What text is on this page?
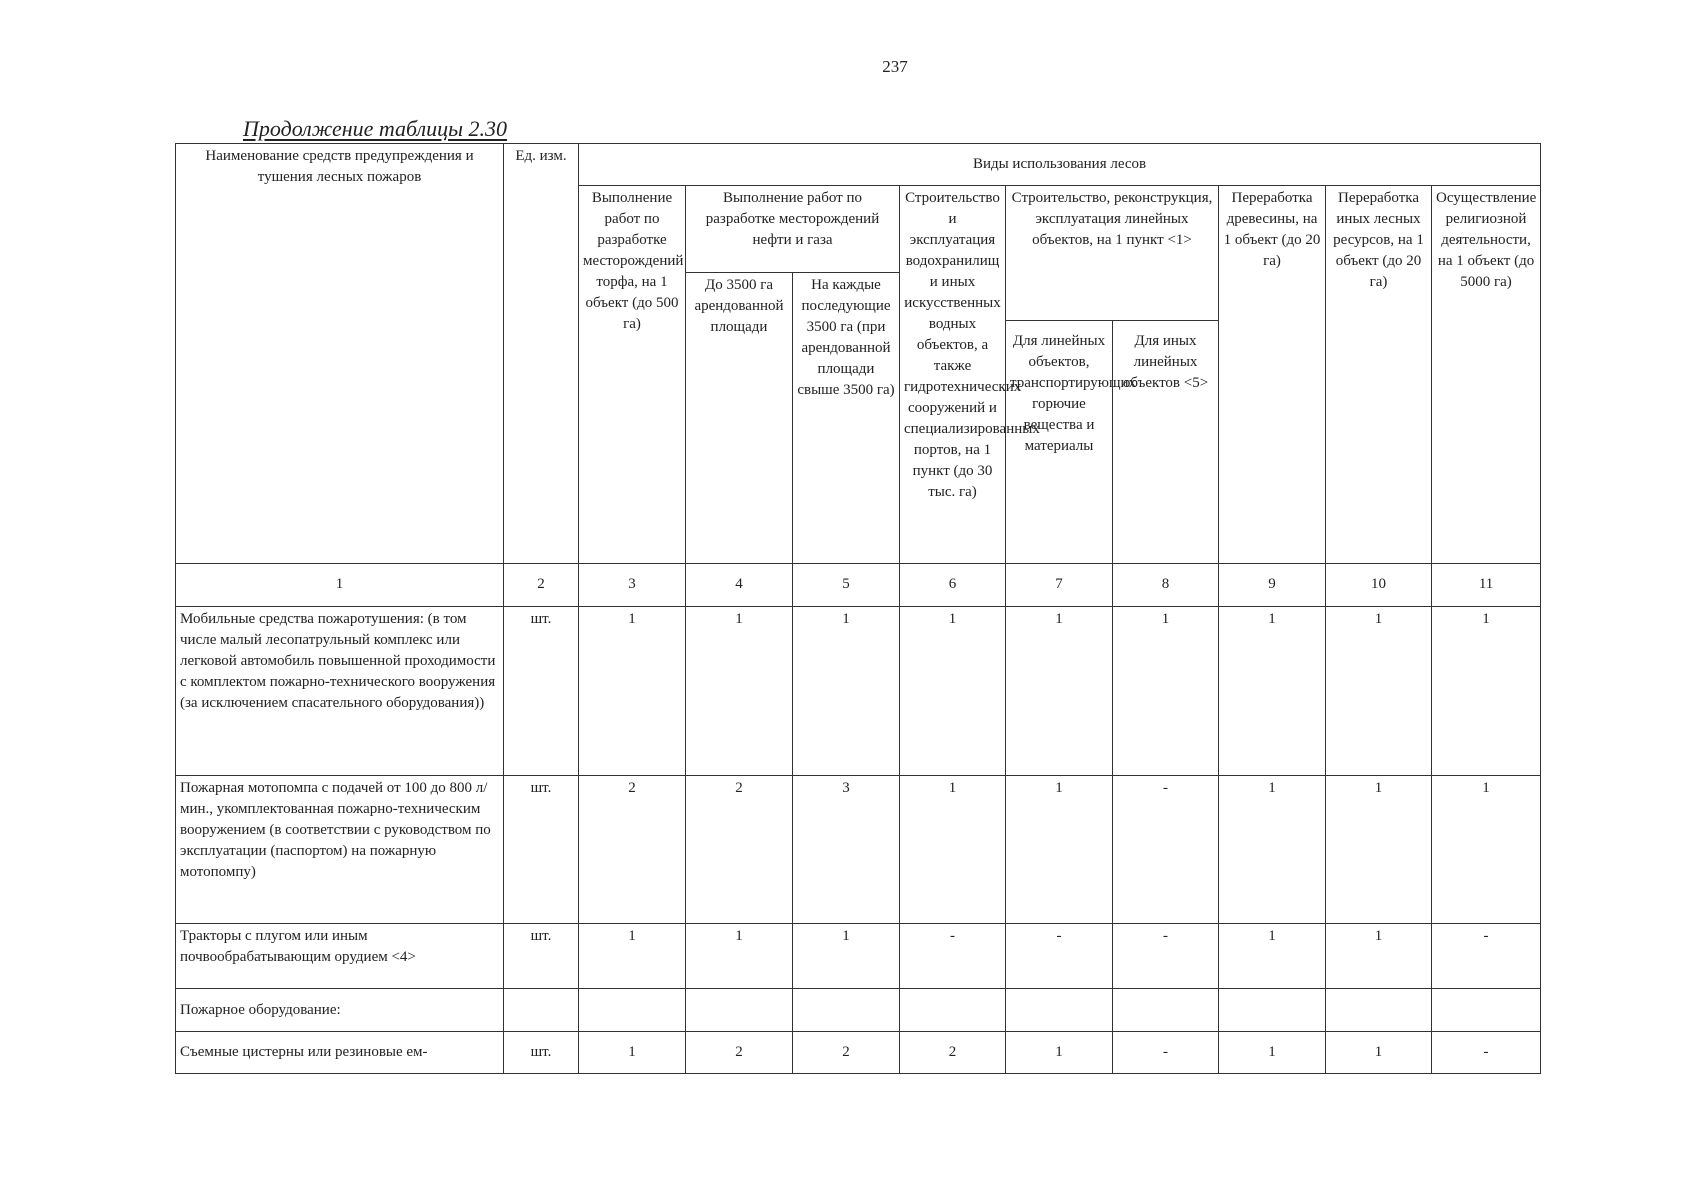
237
Продолжение таблицы 2.30
Наименование средств предупреждения и тушения лесных пожаров	Ед. изм.	Виды использования лесов								
		Выполнение работ по разработке месторождений торфа, на 1 объект (до 500 га)	Выполнение работ по разработке месторождений нефти и газа		Строительство и эксплуатация водохранилищ и иных искусственных водных объектов, а также гидротехнических сооружений и специализированных портов, на 1 пункт (до 30 тыс. га)	Строительство, реконструкция, эксплуатация линейных объектов, на 1 пункт <1>		Переработка древесины, на 1 объект (до 20 га)	Переработка иных лесных ресурсов, на 1 объект (до 20 га)	Осуществление религиозной деятельности, на 1 объект (до 5000 га)
			До 3500 га арендованной площади	На каждые последующие 3500 га (при арендованной площади свыше 3500 га)						
						Для линейных объектов, транспортирующих горючие вещества и материалы	Для иных линейных объектов <5>			
1	2	3	4	5	6	7	8	9	10	11
Мобильные средства пожаротушения: (в том числе малый лесопатрульный комплекс или легковой автомобиль повышенной проходимости с комплектом пожарно-технического вооружения (за исключением спасательного оборудования))	шт.	1	1	1	1	1	1	1	1	1
Пожарная мотопомпа с подачей от 100 до 800 л/мин., укомплектованная пожарно-техническим вооружением (в соответствии с руководством по эксплуатации (паспортом) на пожарную мотопомпу)	шт.	2	2	3	1	1	-	1	1	1
Тракторы с плугом или иным почвообрабатывающим орудием <4>	шт.	1	1	1	-	-	-	1	1	-
Пожарное оборудование:										
Съемные цистерны или резиновые ем-	шт.	1	2	2	2	1	-	1	1	-
